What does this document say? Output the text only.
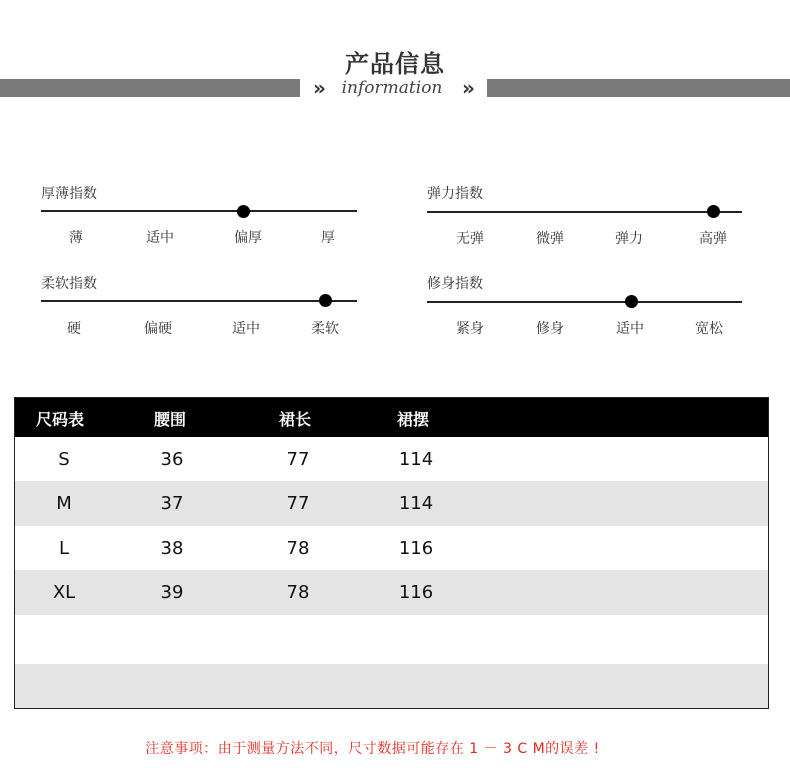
产品信息
»	»
information
厚薄指数
薄	适中	偏厚	厚
弹力指数
无弹	微弹	弹力	高弹
柔软指数
硬	偏硬	适中	柔软
修身指数
紧身	修身	适中	宽松
尺码表	腰围	裙长	裙摆
S	36	77	114
M	37	77	114
L	38	78	116
XL	39	78	116
注意事项：由于测量方法不同，尺寸数据可能存在 1 － 3 C M的误差 !
